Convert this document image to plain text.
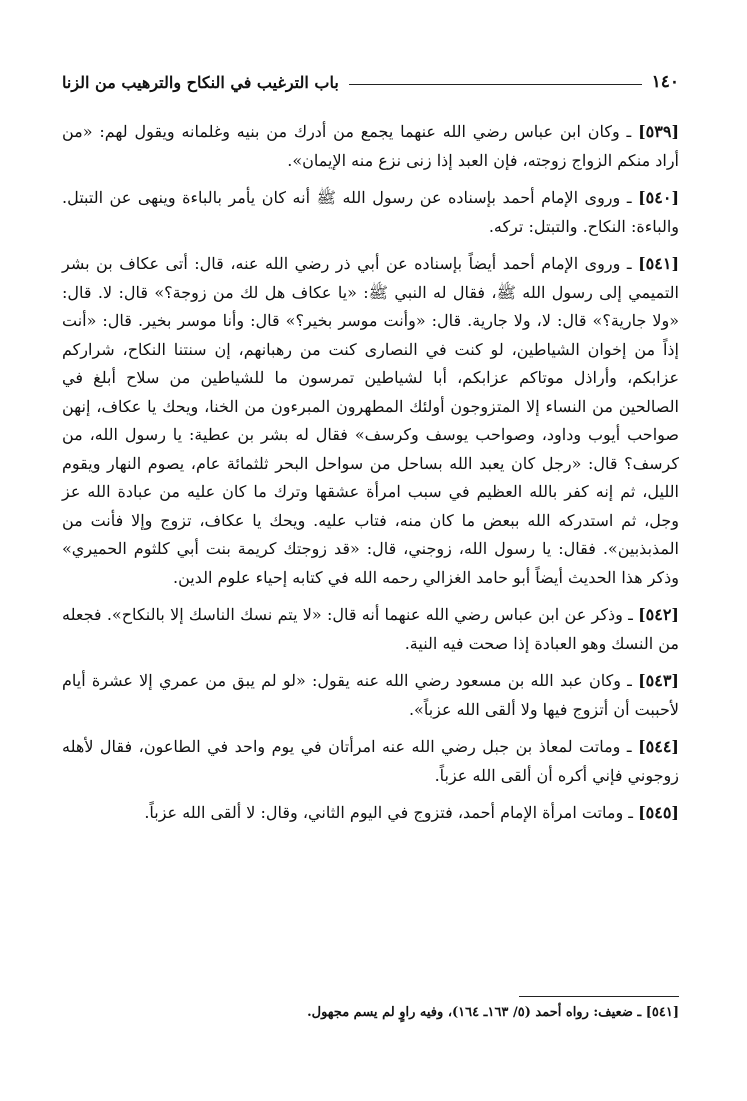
١٤٠
باب الترغيب في النكاح والترهيب من الزنا

[٥٣٩] ـ وكان ابن عباس رضي الله عنهما يجمع من أدرك من بنيه وغلمانه ويقول لهم: «من أراد منكم الزواج زوجته، فإن العبد إذا زنى نزع منه الإيمان».

[٥٤٠] ـ وروى الإمام أحمد بإسناده عن رسول الله ﷺ أنه كان يأمر بالباءة وينهى عن التبتل. والباءة: النكاح. والتبتل: تركه.

[٥٤١] ـ وروى الإمام أحمد أيضاً بإسناده عن أبي ذر رضي الله عنه، قال: أتى عكاف بن بشر التميمي إلى رسول الله ﷺ، فقال له النبي ﷺ: «يا عكاف هل لك من زوجة؟» قال: لا. قال: «ولا جارية؟» قال: لا، ولا جارية. قال: «وأنت موسر بخير؟» قال: وأنا موسر بخير. قال: «أنت إذاً من إخوان الشياطين، لو كنت في النصارى كنت من رهبانهم، إن سنتنا النكاح، شراركم عزابكم، وأراذل موتاكم عزابكم، أبا لشياطين تمرسون ما للشياطين من سلاح أبلغ في الصالحين من النساء إلا المتزوجون أولئك المطهرون المبرءون من الخنا، ويحك يا عكاف، إنهن صواحب أيوب وداود، وصواحب يوسف وكرسف» فقال له بشر بن عطية: يا رسول الله، من كرسف؟ قال: «رجل كان يعبد الله بساحل من سواحل البحر ثلثمائة عام، يصوم النهار ويقوم الليل، ثم إنه كفر بالله العظيم في سبب امرأة عشقها وترك ما كان عليه من عبادة الله عز وجل، ثم استدركه الله ببعض ما كان منه، فتاب عليه. ويحك يا عكاف، تزوج وإلا فأنت من المذبذبين». فقال: يا رسول الله، زوجني، قال: «قد زوجتك كريمة بنت أبي كلثوم الحميري» وذكر هذا الحديث أيضاً أبو حامد الغزالي رحمه الله في كتابه إحياء علوم الدين.

[٥٤٢] ـ وذكر عن ابن عباس رضي الله عنهما أنه قال: «لا يتم نسك الناسك إلا بالنكاح». فجعله من النسك وهو العبادة إذا صحت فيه النية.

[٥٤٣] ـ وكان عبد الله بن مسعود رضي الله عنه يقول: «لو لم يبق من عمري إلا عشرة أيام لأحببت أن أتزوج فيها ولا ألقى الله عزباً».

[٥٤٤] ـ وماتت لمعاذ بن جبل رضي الله عنه امرأتان في يوم واحد في الطاعون، فقال لأهله زوجوني فإني أكره أن ألقى الله عزباً.

[٥٤٥] ـ وماتت امرأة الإمام أحمد، فتزوج في اليوم الثاني، وقال: لا ألقى الله عزباً.

[٥٤١] ـ ضعيف: رواه أحمد (٥/ ١٦٣ـ ١٦٤)، وفيه راوٍ لم يسم مجهول.
